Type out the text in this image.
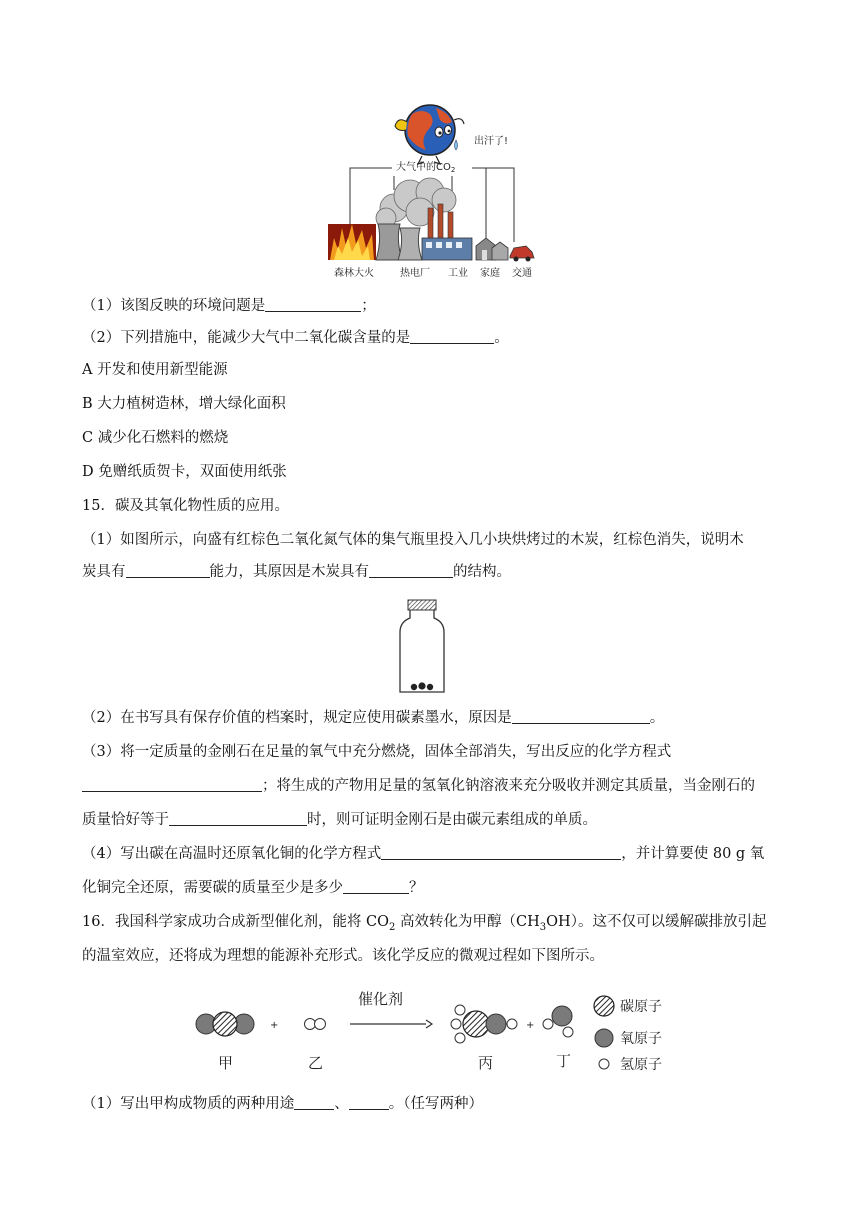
出汗了!
大气中的$CO_2$
森林大火	热电厂 工业 家庭 交通
（1）该图反映的环境问题是	；
（2）下列措施中，能减少大气中二氧化碳含量的是	。
A 开发和使用新型能源
B 大力植树造林，增大绿化面积
C 减少化石燃料的燃烧
D 免赠纸质贺卡，双面使用纸张
15．碳及其氧化物性质的应用。
（1）如图所示，向盛有红棕色二氧化氮气体的集气瓶里投入几小块烘烤过的木炭，红棕色消失，说明木
炭具有	能力，其原因是木炭具有	的结构。
（2）在书写具有保存价值的档案时，规定应使用碳素墨水，原因是	。
（3）将一定质量的金刚石在足量的氧气中充分燃烧，固体全部消失，写出反应的化学方程式
；将生成的产物用足量的氢氧化钠溶液来充分吸收并测定其质量，当金刚石的
质量恰好等于	时，则可证明金刚石是由碳元素组成的单质。
（4）写出碳在高温时还原氧化铜的化学方程式	，并计算要使 80 g 氧
化铜完全还原，需要碳的质量至少是多少	？
16．我国科学家成功合成新型催化剂，能将 $CO_2$ 高效转化为甲醇$(CH_3OH)$。这不仅可以缓解碳排放引起
的温室效应，还将成为理想的能源补充形式。该化学反应的微观过程如下图所示。
+
催化剂
+
甲	乙	丙	丁
碳原子
氧原子
氢原子
（1）写出甲构成物质的两种用途	、	。（任写两种）
